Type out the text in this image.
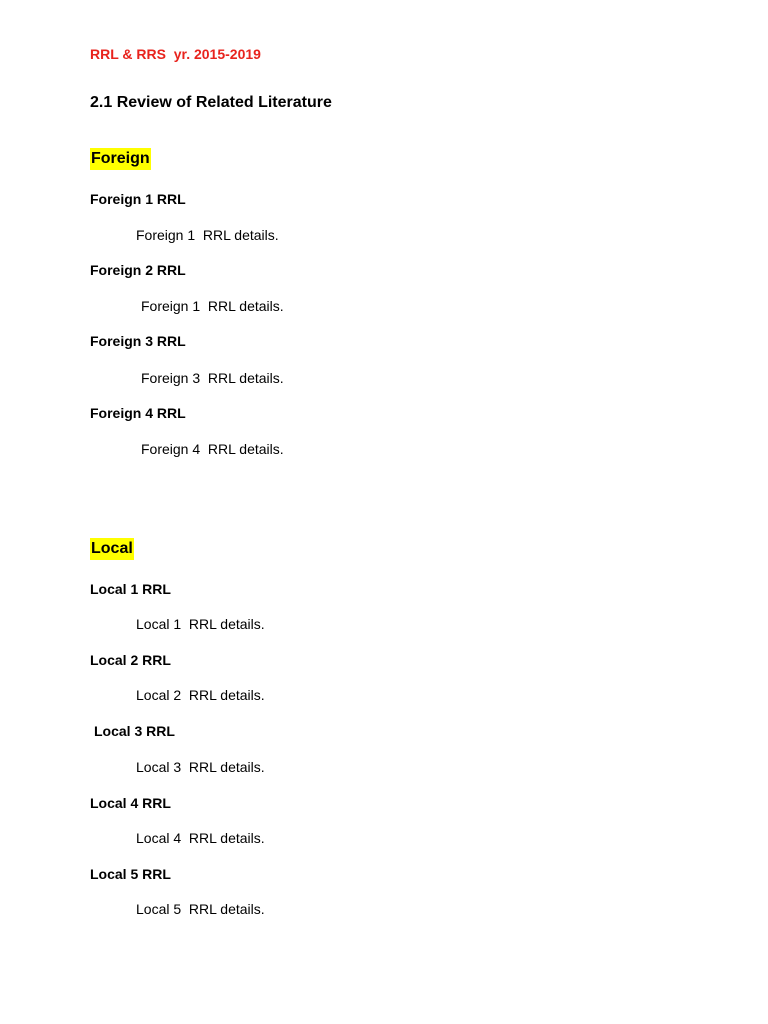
RRL & RRS  yr. 2015-2019

2.1 Review of Related Literature

Foreign

Foreign 1 RRL

Foreign 1  RRL details.

Foreign 2 RRL

Foreign 1  RRL details.

Foreign 3 RRL

Foreign 3  RRL details.

Foreign 4 RRL

Foreign 4  RRL details.

Local

Local 1 RRL

Local 1  RRL details.

Local 2 RRL

Local 2  RRL details.

Local 3 RRL

Local 3  RRL details.

Local 4 RRL

Local 4  RRL details.

Local 5 RRL

Local 5  RRL details.
